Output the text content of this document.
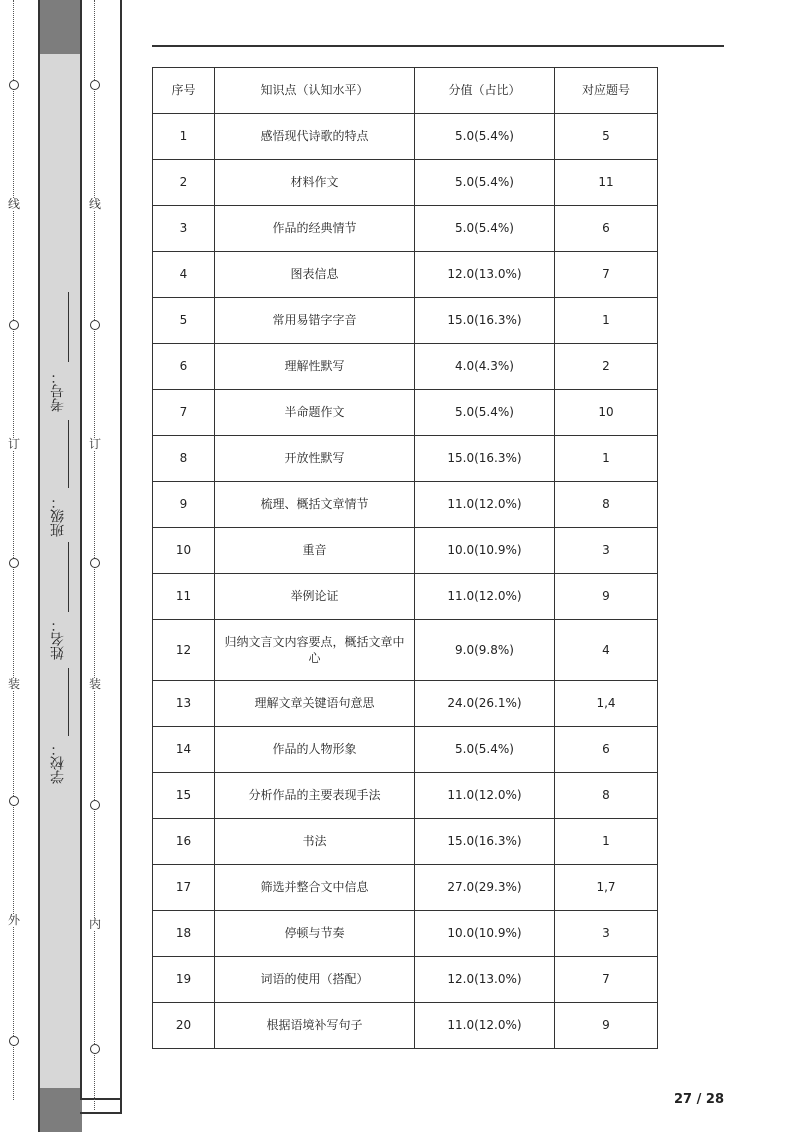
线
订
装
外
考号：
班级：
姓名：
学校：
线
订
装
内
序号	知识点（认知水平）	分值（占比）	对应题号
1	感悟现代诗歌的特点	5.0(5.4%)	5
2	材料作文	5.0(5.4%)	11
3	作品的经典情节	5.0(5.4%)	6
4	图表信息	12.0(13.0%)	7
5	常用易错字字音	15.0(16.3%)	1
6	理解性默写	4.0(4.3%)	2
7	半命题作文	5.0(5.4%)	10
8	开放性默写	15.0(16.3%)	1
9	梳理、概括文章情节	11.0(12.0%)	8
10	重音	10.0(10.9%)	3
11	举例论证	11.0(12.0%)	9
12	归纳文言文内容要点，概括文章中心	9.0(9.8%)	4
13	理解文章关键语句意思	24.0(26.1%)	1,4
14	作品的人物形象	5.0(5.4%)	6
15	分析作品的主要表现手法	11.0(12.0%)	8
16	书法	15.0(16.3%)	1
17	筛选并整合文中信息	27.0(29.3%)	1,7
18	停顿与节奏	10.0(10.9%)	3
19	词语的使用（搭配）	12.0(13.0%)	7
20	根据语境补写句子	11.0(12.0%)	9
27 / 28
